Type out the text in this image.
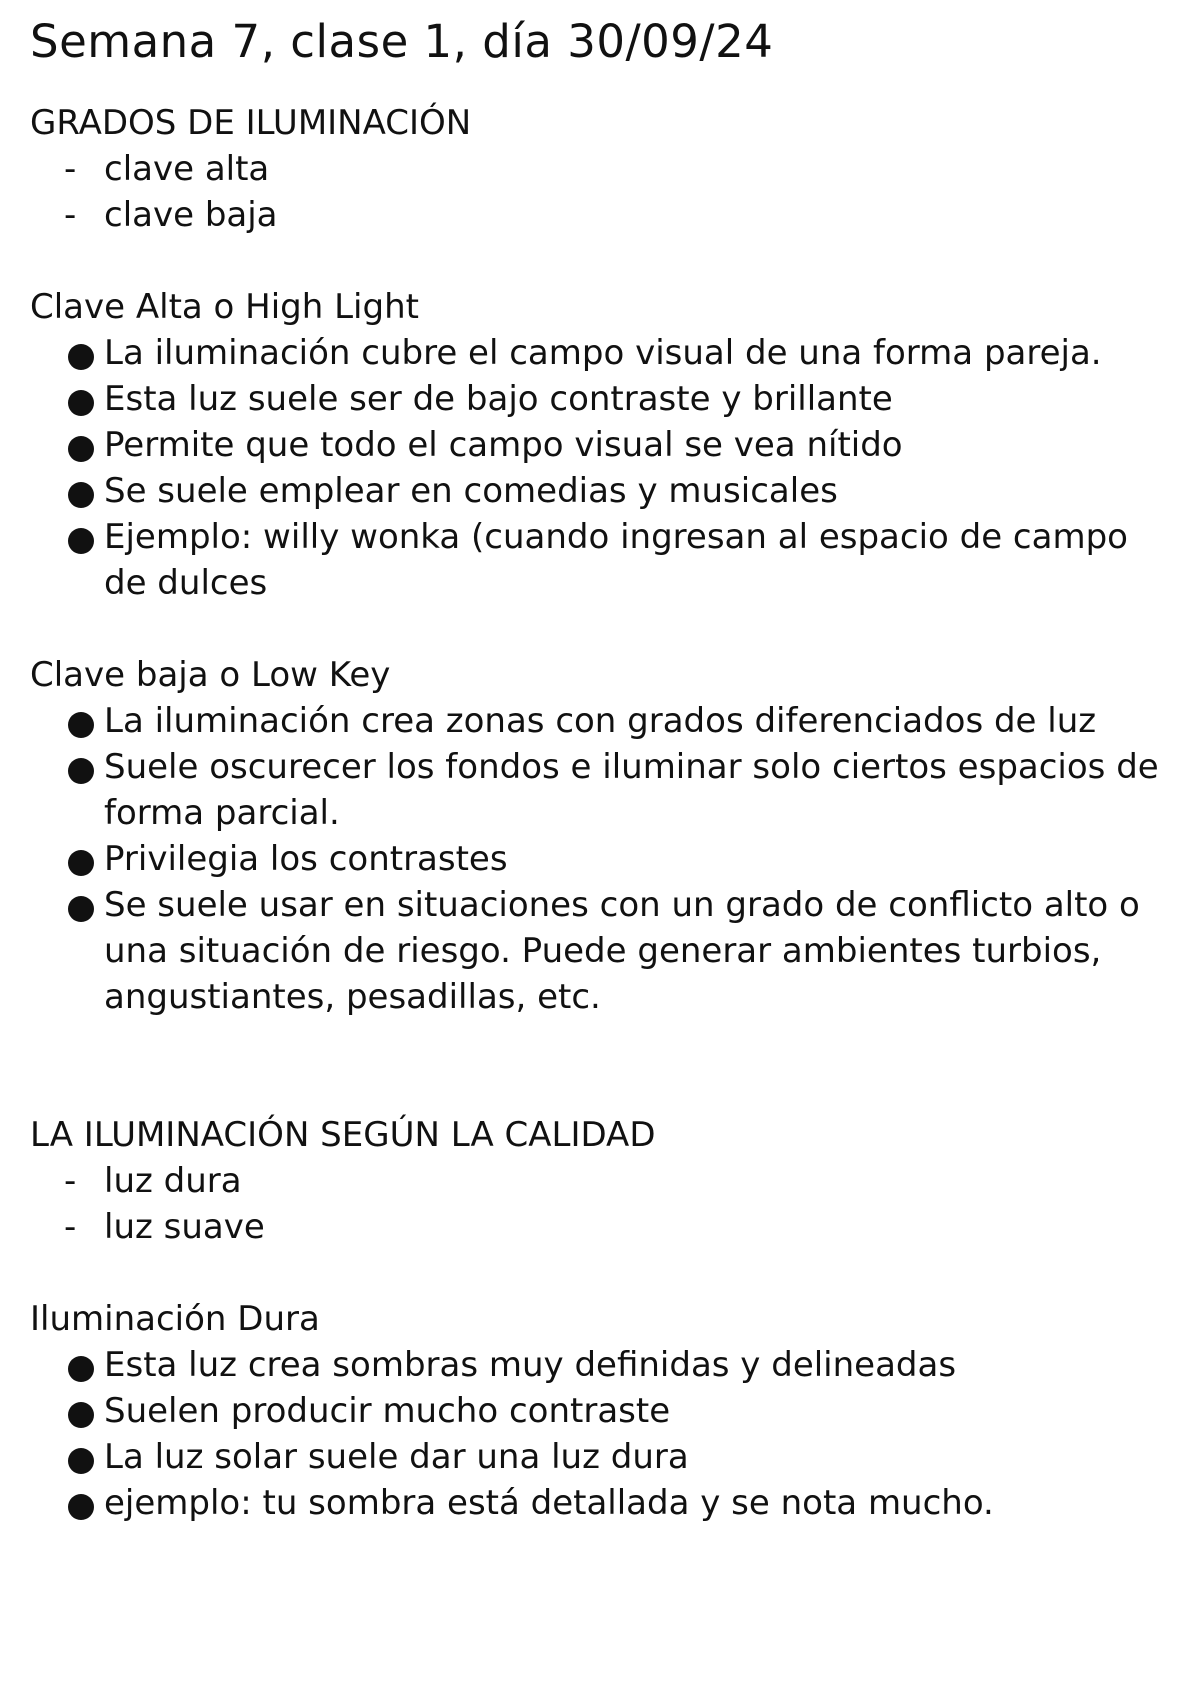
Semana 7, clase 1, día 30/09/24

GRADOS DE ILUMINACIÓN

- clave alta
- clave baja

Clave Alta o High Light

La iluminación cubre el campo visual de una forma pareja.
Esta luz suele ser de bajo contraste y brillante
Permite que todo el campo visual se vea nítido
Se suele emplear en comedias y musicales
Ejemplo: willy wonka (cuando ingresan al espacio de campo de dulces

Clave baja o Low Key

La iluminación crea zonas con grados diferenciados de luz
Suele oscurecer los fondos e iluminar solo ciertos espacios de forma parcial.
Privilegia los contrastes
Se suele usar en situaciones con un grado de conflicto alto o una situación de riesgo. Puede generar ambientes turbios, angustiantes, pesadillas, etc.

LA ILUMINACIÓN SEGÚN LA CALIDAD

- luz dura
- luz suave

Iluminación Dura

Esta luz crea sombras muy definidas y delineadas
Suelen producir mucho contraste
La luz solar suele dar una luz dura
ejemplo: tu sombra está detallada y se nota mucho.
